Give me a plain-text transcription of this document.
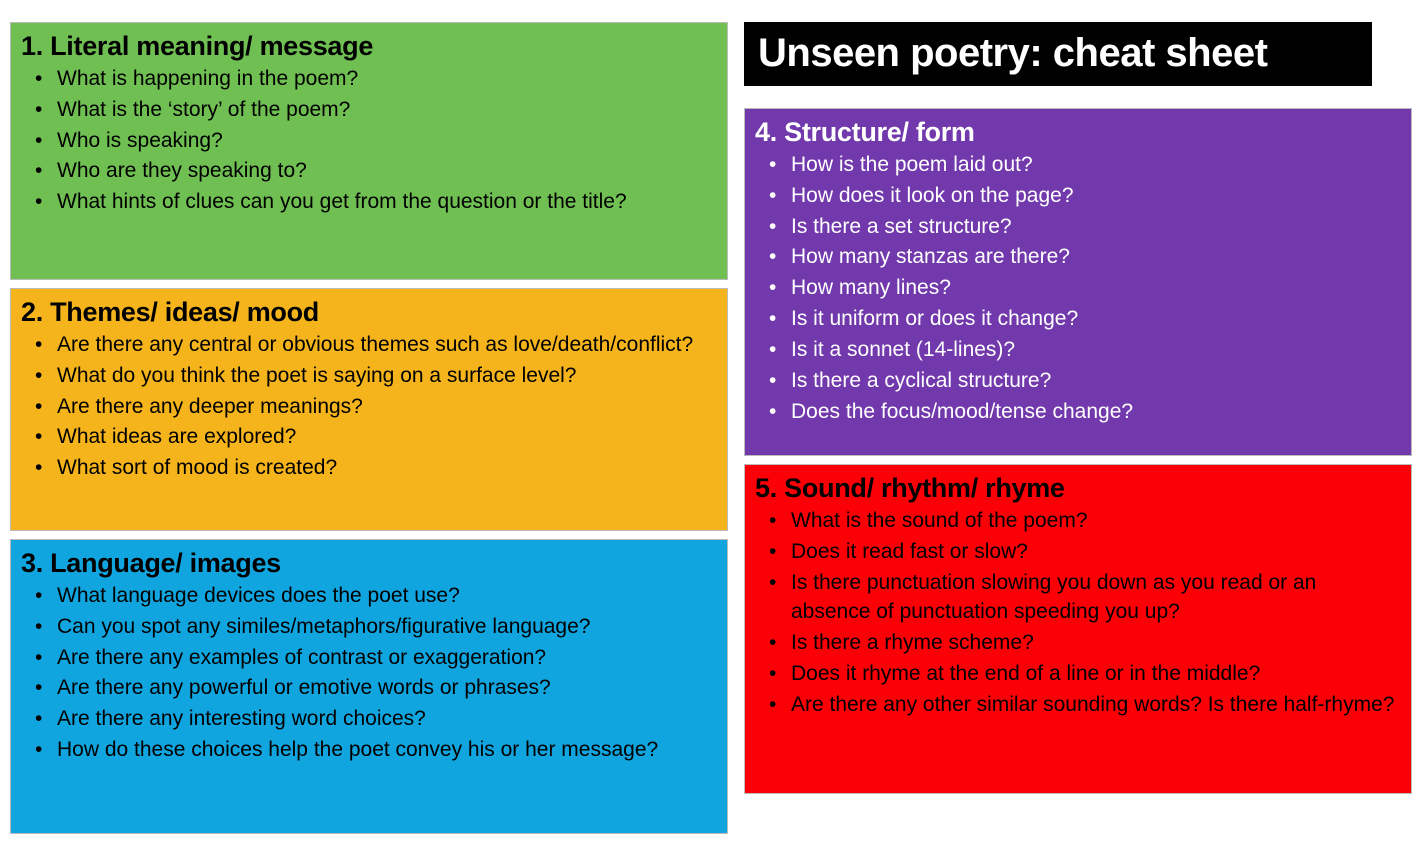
1. Literal meaning/ message
• What is happening in the poem?
• What is the ‘story’ of the poem?
• Who is speaking?
• Who are they speaking to?
• What hints of clues can you get from the question or the title?
2. Themes/ ideas/ mood
• Are there any central or obvious themes such as love/death/conflict?
• What do you think the poet is saying on a surface level?
• Are there any deeper meanings?
• What ideas are explored?
• What sort of mood is created?
3. Language/ images
• What language devices does the poet use?
• Can you spot any similes/metaphors/figurative language?
• Are there any examples of contrast or exaggeration?
• Are there any powerful or emotive words or phrases?
• Are there any interesting word choices?
• How do these choices help the poet convey his or her message?
Unseen poetry: cheat sheet
4. Structure/ form
• How is the poem laid out?
• How does it look on the page?
• Is there a set structure?
• How many stanzas are there?
• How many lines?
• Is it uniform or does it change?
• Is it a sonnet (14-lines)?
• Is there a cyclical structure?
• Does the focus/mood/tense change?
5. Sound/ rhythm/ rhyme
• What is the sound of the poem?
• Does it read fast or slow?
• Is there punctuation slowing you down as you read or an absence of punctuation speeding you up?
• Is there a rhyme scheme?
• Does it rhyme at the end of a line or in the middle?
• Are there any other similar sounding words? Is there half-rhyme?
